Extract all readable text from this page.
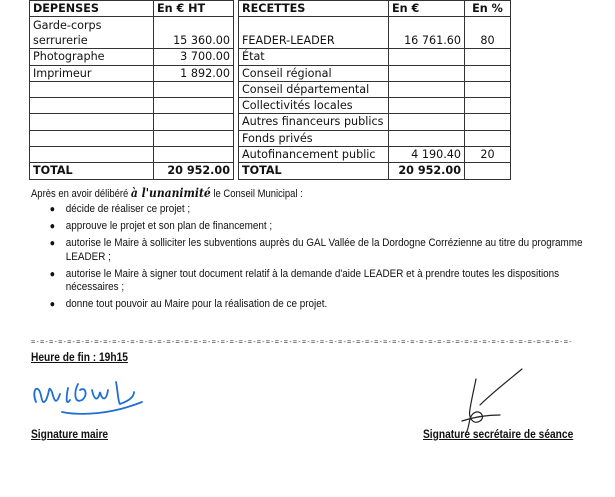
DEPENSES	En € HT		RECETTES	En €	En %
Garde-corps serrurerie	15 360.00		FEADER-LEADER	16 761.60	80
Photographe	3 700.00		État		
Imprimeur	1 892.00		Conseil régional		
			Conseil départemental		
			Collectivités locales		
			Autres financeurs publics		
			Fonds privés		
			Autofinancement public	4 190.40	20
TOTAL	20 952.00		TOTAL	20 952.00	
Après en avoir délibéré à l'unanimité le Conseil Municipal :
● décide de réaliser ce projet ;
● approuve le projet et son plan de financement ;
● autorise le Maire à solliciter les subventions auprès du GAL Vallée de la Dordogne Corrézienne au titre du programme LEADER ;
● autorise le Maire à signer tout document relatif à la demande d'aide LEADER et à prendre toutes les dispositions nécessaires ;
● donne tout pouvoir au Maire pour la réalisation de ce projet.
=-=-=-=-=-=-=-=-=-=-=-=-=-=-=-=-=-=-=-=-=-=-=-=-=-=-=-=-=-=-=-=-=-=-=-=-=-=-=-=-=-=-=-=-=-=-=-=-=-=-=-=-=-=-=-=-=-=-=-=-
Heure de fin : 19h15
Signature maire	Signature secrétaire de séance
